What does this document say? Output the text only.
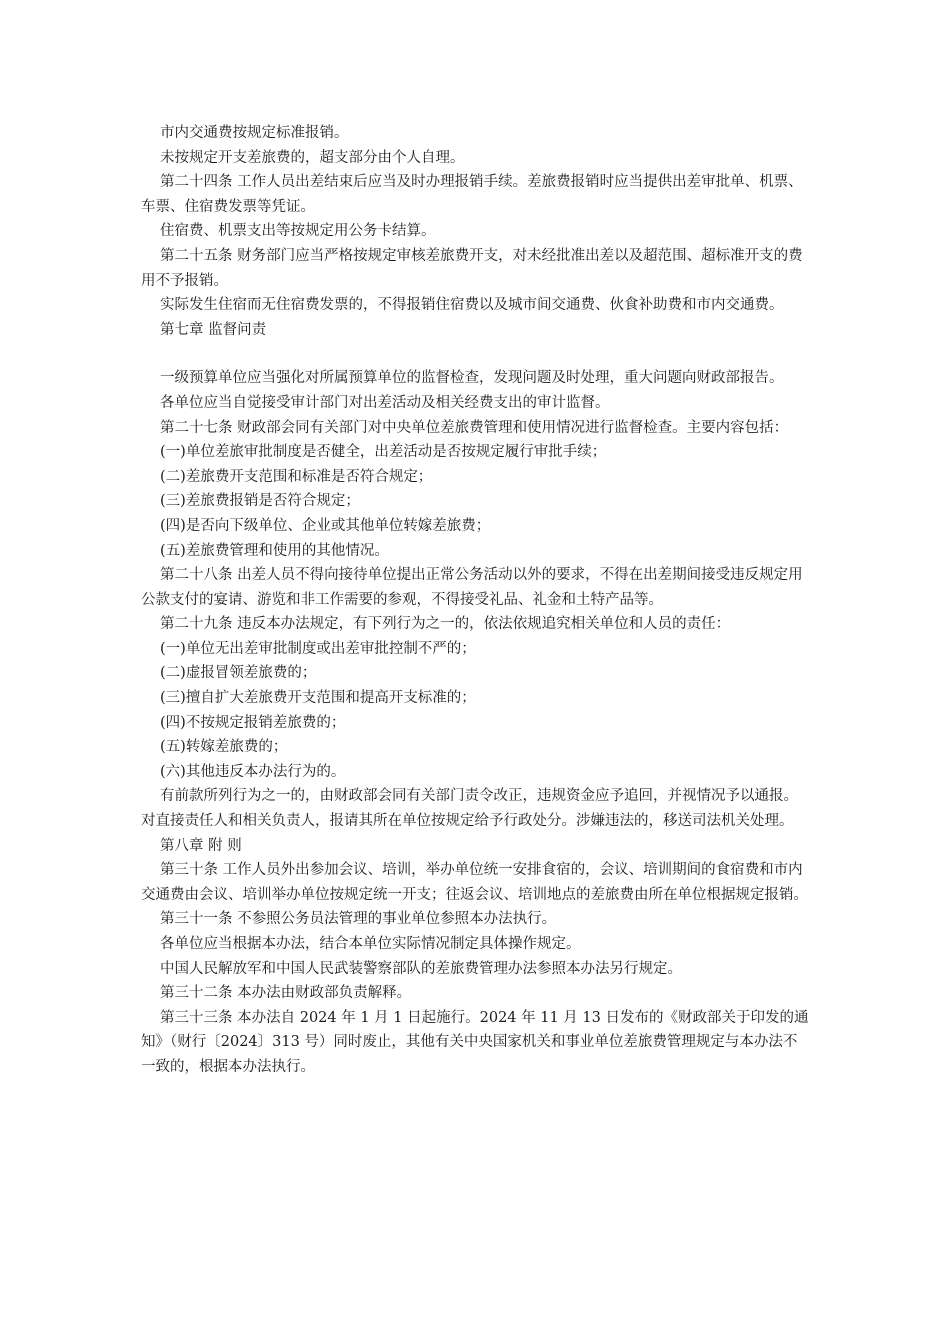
市内交通费按规定标准报销。

未按规定开支差旅费的，超支部分由个人自理。

第二十四条 工作人员出差结束后应当及时办理报销手续。差旅费报销时应当提供出差审批单、机票、车票、住宿费发票等凭证。

住宿费、机票支出等按规定用公务卡结算。

第二十五条 财务部门应当严格按规定审核差旅费开支，对未经批准出差以及超范围、超标准开支的费用不予报销。

实际发生住宿而无住宿费发票的，不得报销住宿费以及城市间交通费、伙食补助费和市内交通费。

第七章 监督问责

一级预算单位应当强化对所属预算单位的监督检查，发现问题及时处理，重大问题向财政部报告。

各单位应当自觉接受审计部门对出差活动及相关经费支出的审计监督。

第二十七条 财政部会同有关部门对中央单位差旅费管理和使用情况进行监督检查。主要内容包括：

(一)单位差旅审批制度是否健全，出差活动是否按规定履行审批手续；

(二)差旅费开支范围和标准是否符合规定；

(三)差旅费报销是否符合规定；

(四)是否向下级单位、企业或其他单位转嫁差旅费；

(五)差旅费管理和使用的其他情况。

第二十八条 出差人员不得向接待单位提出正常公务活动以外的要求，不得在出差期间接受违反规定用公款支付的宴请、游览和非工作需要的参观，不得接受礼品、礼金和土特产品等。

第二十九条 违反本办法规定，有下列行为之一的，依法依规追究相关单位和人员的责任：

(一)单位无出差审批制度或出差审批控制不严的；

(二)虚报冒领差旅费的；

(三)擅自扩大差旅费开支范围和提高开支标准的；

(四)不按规定报销差旅费的；

(五)转嫁差旅费的；

(六)其他违反本办法行为的。

有前款所列行为之一的，由财政部会同有关部门责令改正，违规资金应予追回，并视情况予以通报。对直接责任人和相关负责人，报请其所在单位按规定给予行政处分。涉嫌违法的，移送司法机关处理。

第八章 附 则

第三十条 工作人员外出参加会议、培训，举办单位统一安排食宿的，会议、培训期间的食宿费和市内交通费由会议、培训举办单位按规定统一开支；往返会议、培训地点的差旅费由所在单位根据规定报销。

第三十一条 不参照公务员法管理的事业单位参照本办法执行。

各单位应当根据本办法，结合本单位实际情况制定具体操作规定。

中国人民解放军和中国人民武装警察部队的差旅费管理办法参照本办法另行规定。

第三十二条 本办法由财政部负责解释。

第三十三条 本办法自 2024 年 1 月 1 日起施行。2024 年 11 月 13 日发布的《财政部关于印发的通知》（财行〔2024〕313 号）同时废止，其他有关中央国家机关和事业单位差旅费管理规定与本办法不一致的，根据本办法执行。
